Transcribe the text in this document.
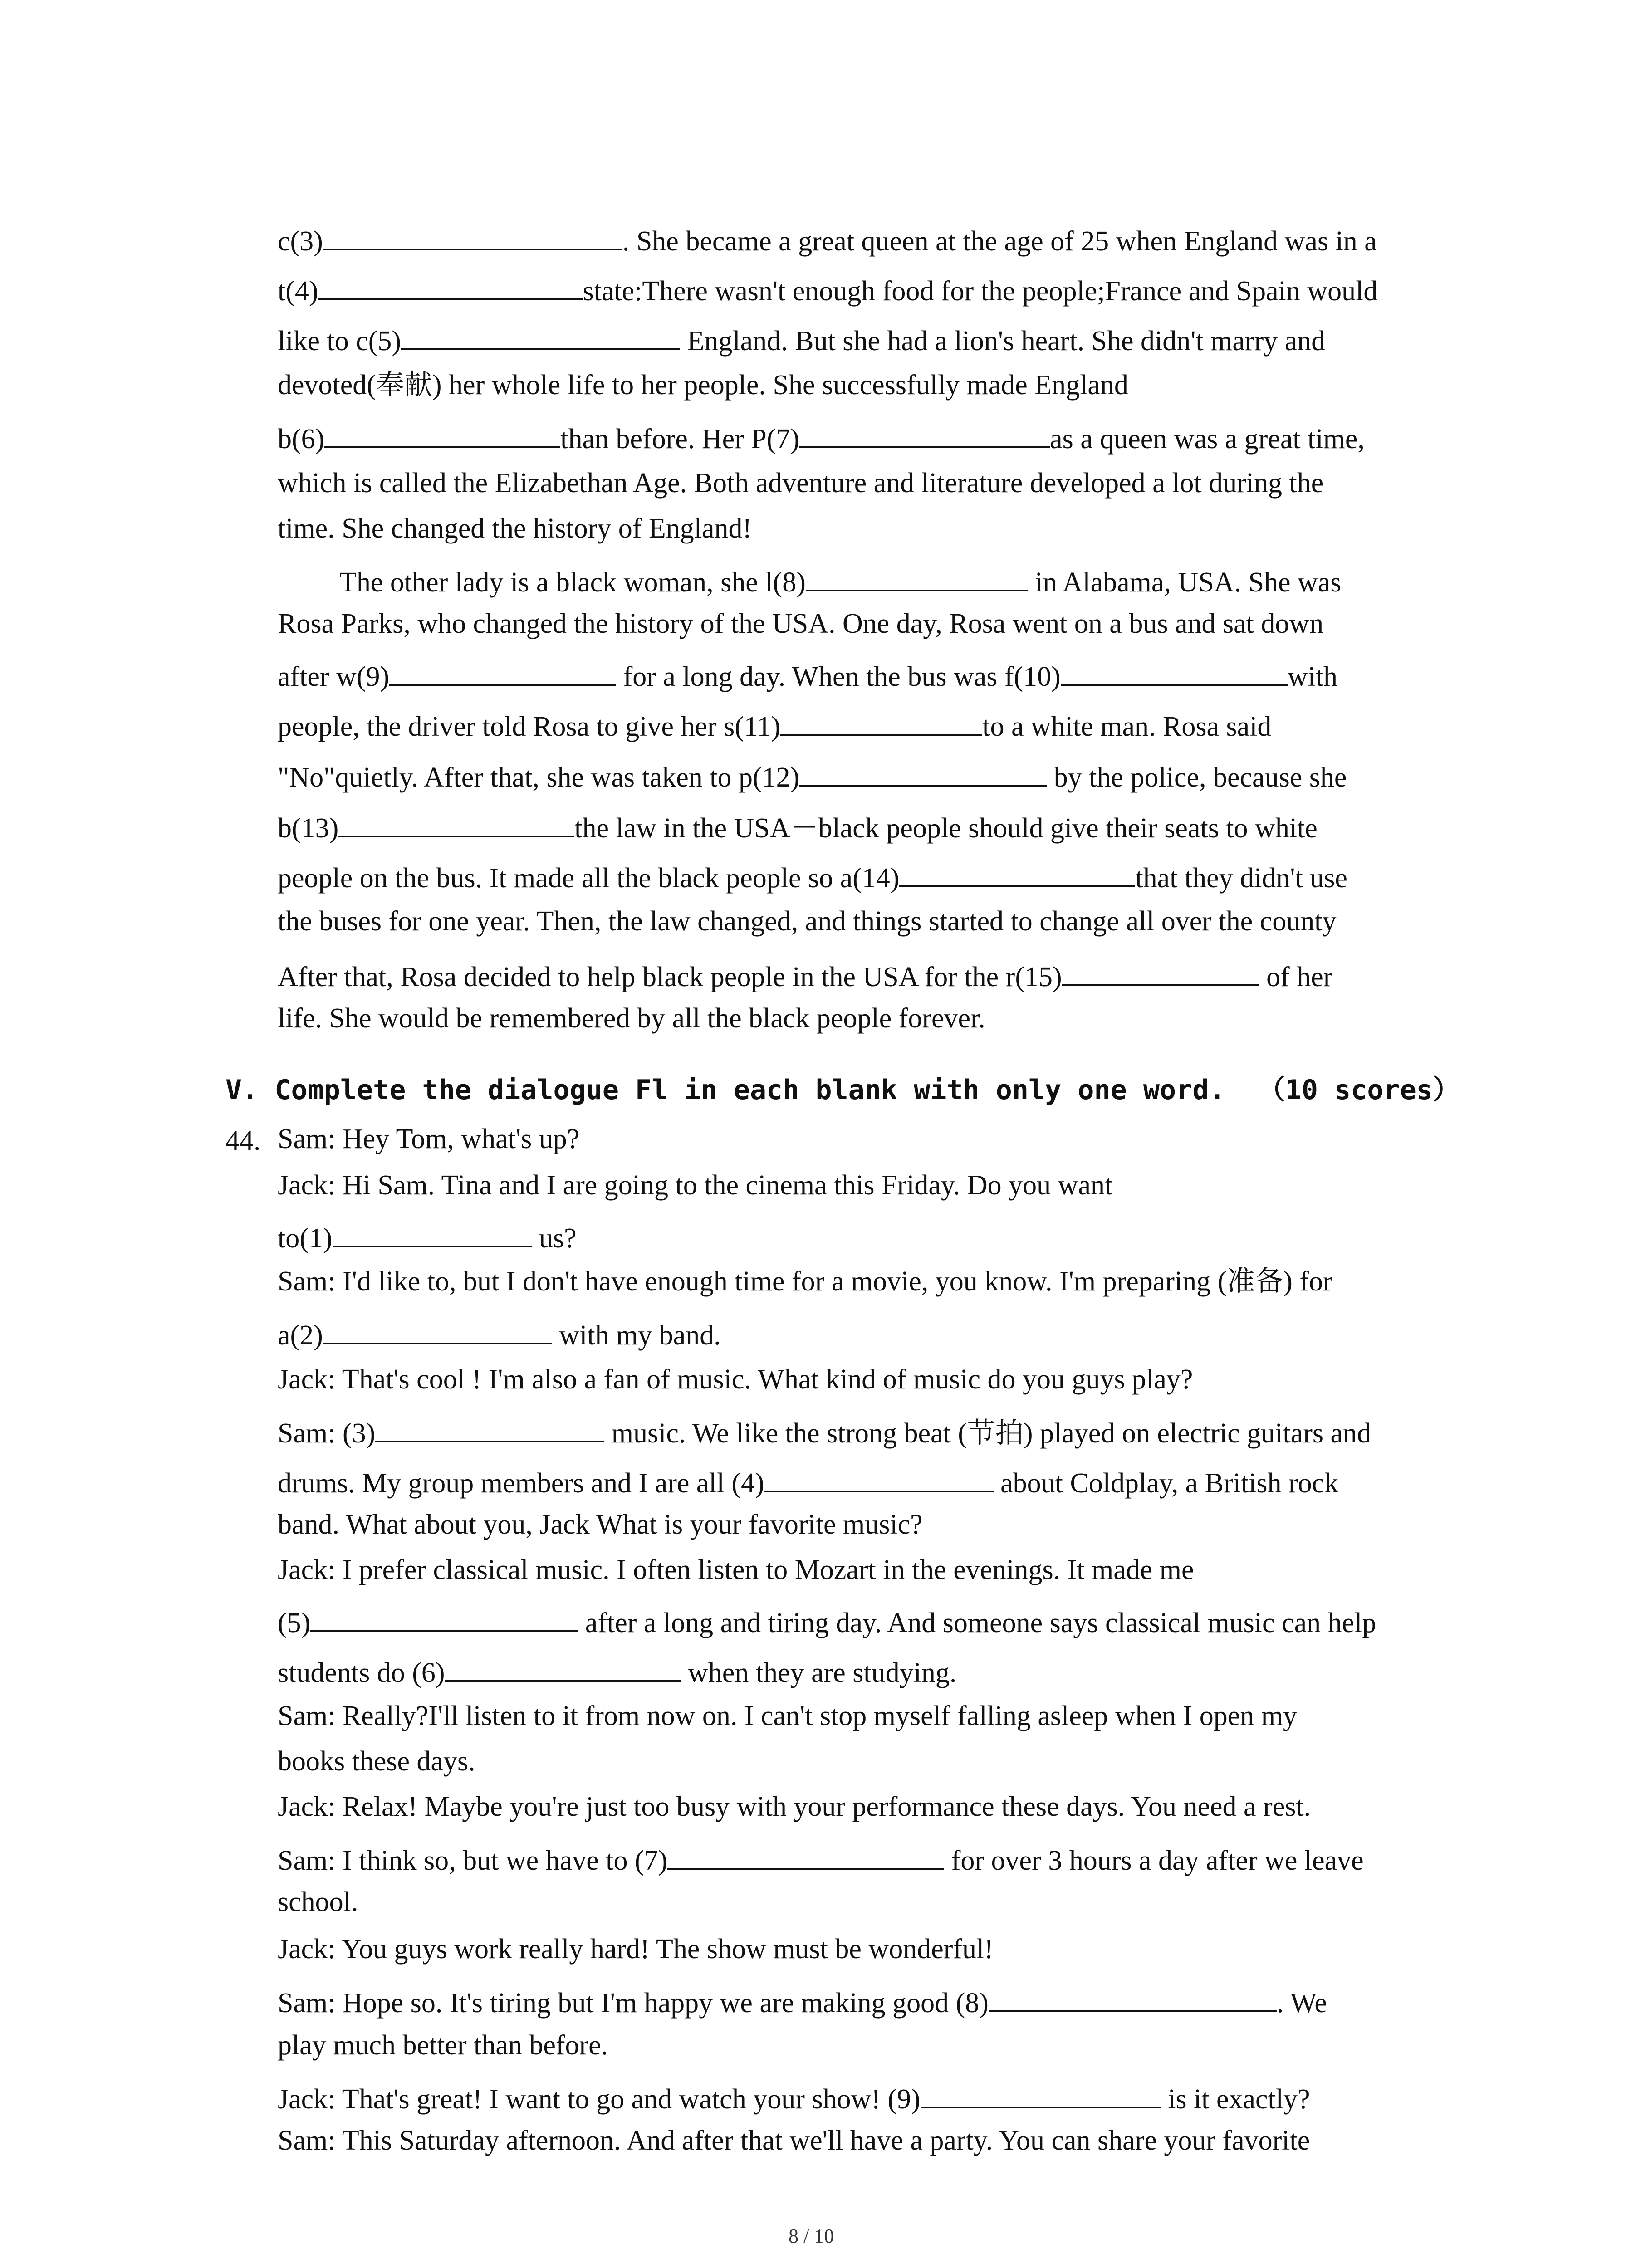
c(3)	. She became a great queen at the age of 25 when England was in a
t(4)	state:There wasn't enough food for the people;France and Spain would
like to c(5)	England. But she had a lion's heart. She didn't marry and
devoted(奉献) her whole life to her people. She successfully made England
b(6)	than before. Her P(7)	as a queen was a great time,
which is called the Elizabethan Age. Both adventure and literature developed a lot during the
time. She changed the history of England!
The other lady is a black woman, she l(8)	in Alabama, USA. She was
Rosa Parks, who changed the history of the USA. One day, Rosa went on a bus and sat down
after w(9)	for a long day. When the bus was f(10)	with
people, the driver told Rosa to give her s(11)	to a white man. Rosa said
"No"quietly. After that, she was taken to p(12)	by the police, because she
b(13)	the law in the USA－black people should give their seats to white
people on the bus. It made all the black people so a(14)	that they didn't use
the buses for one year. Then, the law changed, and things started to change all over the county
After that, Rosa decided to help black people in the USA for the r(15)	of her
life. She would be remembered by all the black people forever.
V. Complete the dialogue Fl in each blank with only one word.  （10 scores）
44. Sam: Hey Tom, what's up?
Jack: Hi Sam. Tina and I are going to the cinema this Friday. Do you want
to(1)	us?
Sam: I'd like to, but I don't have enough time for a movie, you know. I'm preparing (准备) for
a(2)	with my band.
Jack: That's cool ! I'm also a fan of music. What kind of music do you guys play?
Sam: (3)	music. We like the strong beat (节拍) played on electric guitars and
drums. My group members and I are all (4)	about Coldplay, a British rock
band. What about you, Jack What is your favorite music?
Jack: I prefer classical music. I often listen to Mozart in the evenings. It made me
(5)	after a long and tiring day. And someone says classical music can help
students do (6)	when they are studying.
Sam: Really?I'll listen to it from now on. I can't stop myself falling asleep when I open my
books these days.
Jack: Relax! Maybe you're just too busy with your performance these days. You need a rest.
Sam: I think so, but we have to (7)	for over 3 hours a day after we leave
school.
Jack: You guys work really hard! The show must be wonderful!
Sam: Hope so. It's tiring but I'm happy we are making good (8)	. We
play much better than before.
Jack: That's great! I want to go and watch your show! (9)	is it exactly?
Sam: This Saturday afternoon. And after that we'll have a party. You can share your favorite
8 / 10
